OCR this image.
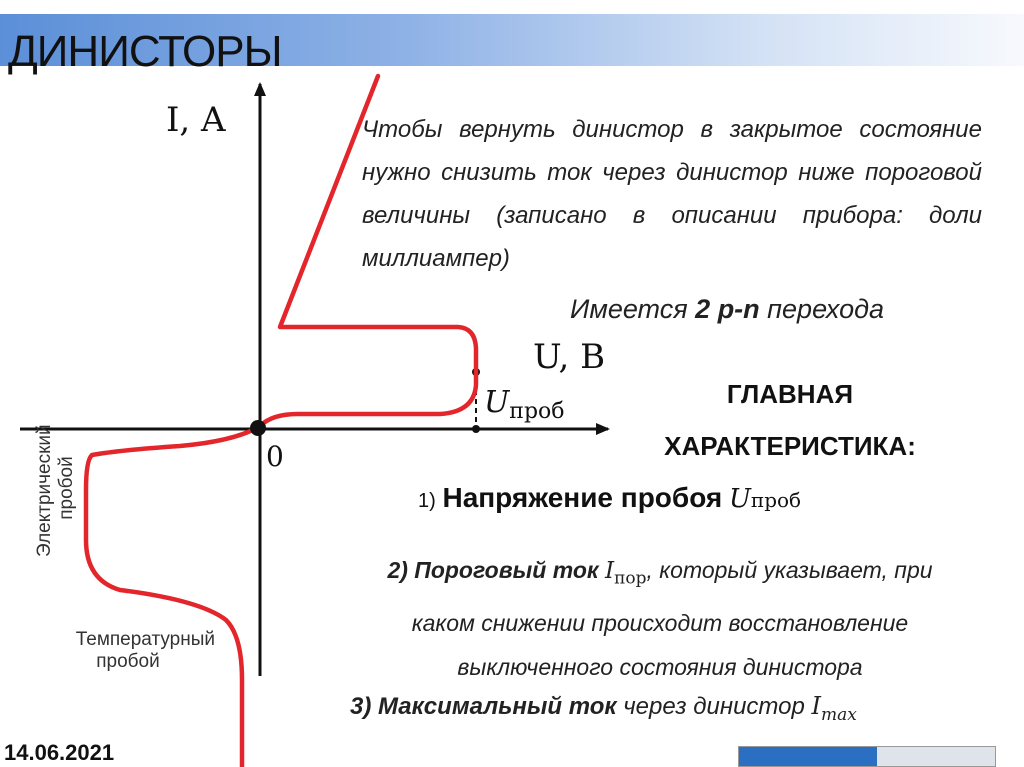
ДИНИСТОРЫ
I, A
U, B
0
$U_{проб}$
Электрический пробой
Температурный пробой

Чтобы вернуть динистор в закрытое состояние нужно снизить ток через динистор ниже пороговой величины (записано в описании прибора: доли миллиампер)

Имеется 2 p-n перехода

ГЛАВНАЯ
ХАРАКТЕРИСТИКА:

1) Напряжение пробоя Uпроб

2) Пороговый ток $I_{пор}$, который указывает, при
каком снижении происходит восстановление
выключенного состояния динистора

3) Максимальный ток через динистор $I_{max}$

14.06.2021
